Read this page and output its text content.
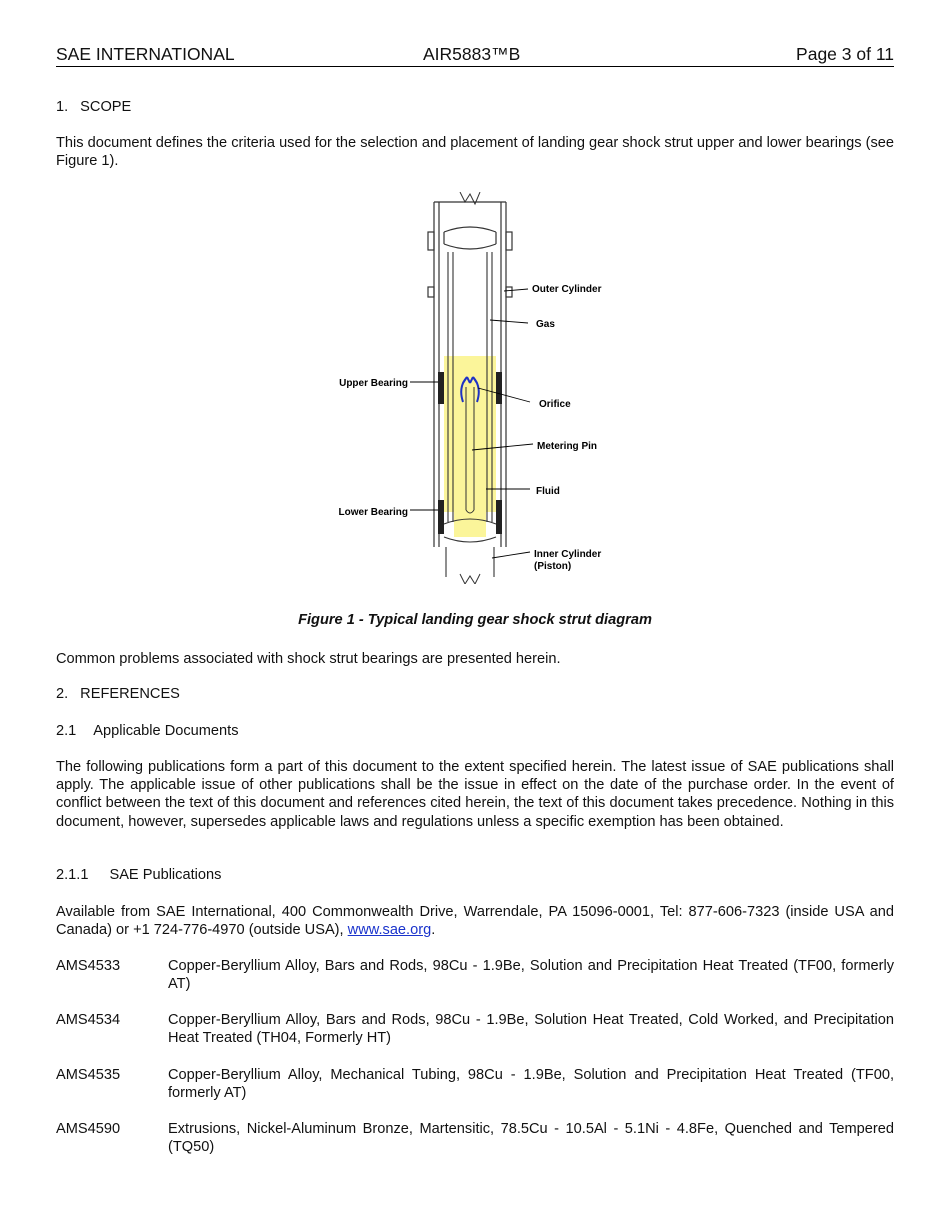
SAE INTERNATIONAL	AIR5883™B	Page 3 of 11
1. SCOPE
This document defines the criteria used for the selection and placement of landing gear shock strut upper and lower bearings (see Figure 1).
Outer Cylinder
Gas
Upper Bearing
Orifice
Metering Pin
Fluid
Lower Bearing
Inner Cylinder
(Piston)
Figure 1 - Typical landing gear shock strut diagram
Common problems associated with shock strut bearings are presented herein.
2. REFERENCES
2.1 Applicable Documents
The following publications form a part of this document to the extent specified herein. The latest issue of SAE publications shall apply. The applicable issue of other publications shall be the issue in effect on the date of the purchase order. In the event of conflict between the text of this document and references cited herein, the text of this document takes precedence. Nothing in this document, however, supersedes applicable laws and regulations unless a specific exemption has been obtained.
2.1.1 SAE Publications
Available from SAE International, 400 Commonwealth Drive, Warrendale, PA 15096-0001, Tel: 877-606-7323 (inside USA and Canada) or +1 724-776-4970 (outside USA), www.sae.org.
AMS4533	Copper-Beryllium Alloy, Bars and Rods, 98Cu - 1.9Be, Solution and Precipitation Heat Treated (TF00, formerly AT)
AMS4534	Copper-Beryllium Alloy, Bars and Rods, 98Cu - 1.9Be, Solution Heat Treated, Cold Worked, and Precipitation Heat Treated (TH04, Formerly HT)
AMS4535	Copper-Beryllium Alloy, Mechanical Tubing, 98Cu - 1.9Be, Solution and Precipitation Heat Treated (TF00, formerly AT)
AMS4590	Extrusions, Nickel-Aluminum Bronze, Martensitic, 78.5Cu - 10.5Al - 5.1Ni - 4.8Fe, Quenched and Tempered (TQ50)
